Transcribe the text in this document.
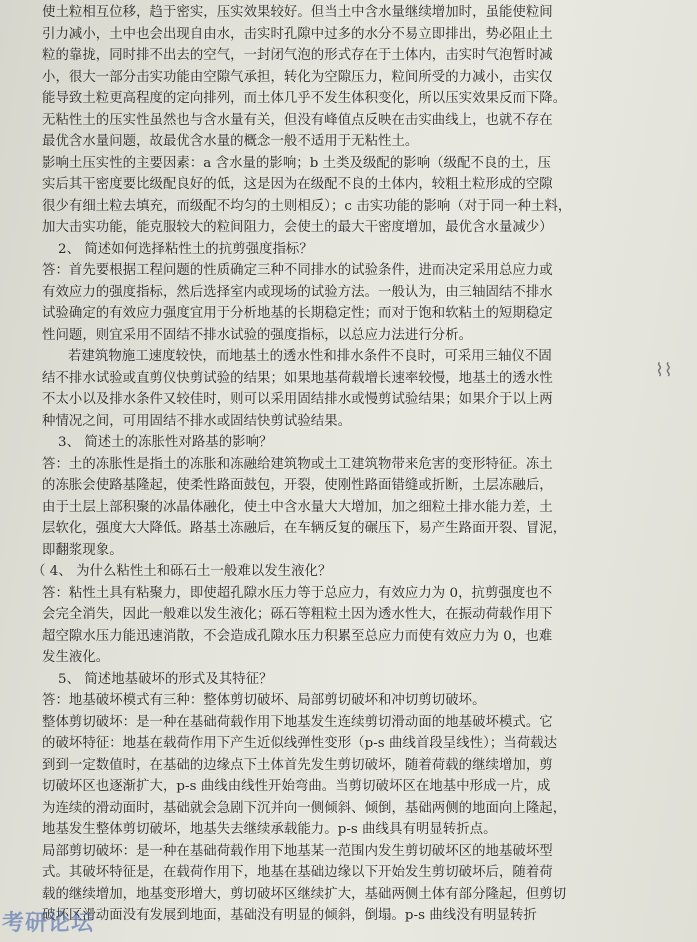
使土粒相互位移，趋于密实，压实效果较好。但当土中含水量继续增加时，虽能使粒间

引力减小，土中也会出现自由水，击实时孔隙中过多的水分不易立即排出，势必阻止土

粒的靠拢，同时排不出去的空气，一封闭气泡的形式存在于土体内，击实时气泡暂时减

小，很大一部分击实功能由空隙气承担，转化为空隙压力，粒间所受的力减小，击实仅

能导致土粒更高程度的定向排列，而土体几乎不发生体积变化，所以压实效果反而下降。

无粘性土的压实性虽然也与含水量有关，但没有峰值点反映在击实曲线上，也就不存在

最优含水量问题，故最优含水量的概念一般不适用于无粘性土。

影响土压实性的主要因素：a 含水量的影响；b 土类及级配的影响（级配不良的土，压

实后其干密度要比级配良好的低，这是因为在级配不良的土体内，较粗土粒形成的空隙

很少有细土粒去填充，而级配不均匀的土则相反）；c 击实功能的影响（对于同一种土料，

加大击实功能，能克服较大的粒间阻力，会使土的最大干密度增加，最优含水量减少）

2、 简述如何选择粘性土的抗剪强度指标？

答：首先要根据工程问题的性质确定三种不同排水的试验条件，进而决定采用总应力或

有效应力的强度指标，然后选择室内或现场的试验方法。一般认为，由三轴固结不排水

试验确定的有效应力强度宜用于分析地基的长期稳定性；而对于饱和软粘土的短期稳定

性问题，则宜采用不固结不排水试验的强度指标，以总应力法进行分析。

若建筑物施工速度较快，而地基土的透水性和排水条件不良时，可采用三轴仪不固

结不排水试验或直剪仪快剪试验的结果；如果地基荷载增长速率较慢，地基土的透水性

不太小以及排水条件又较佳时，则可以采用固结排水或慢剪试验结果；如果介于以上两

种情况之间，可用固结不排水或固结快剪试验结果。

3、 简述土的冻胀性对路基的影响？

答：土的冻胀性是指土的冻胀和冻融给建筑物或土工建筑物带来危害的变形特征。冻土

的冻胀会使路基隆起，使柔性路面鼓包，开裂，使刚性路面错缝或折断，土层冻融后，

由于土层上部积聚的冰晶体融化，使土中含水量大大增加，加之细粒土排水能力差，土

层软化，强度大大降低。路基土冻融后，在车辆反复的碾压下，易产生路面开裂、冒泥，

即翻浆现象。

（ 4、 为什么粘性土和砾石土一般难以发生液化？

答：粘性土具有粘聚力，即使超孔隙水压力等于总应力，有效应力为 0，抗剪强度也不

会完全消失，因此一般难以发生液化；砾石等粗粒土因为透水性大，在振动荷载作用下

超空隙水压力能迅速消散，不会造成孔隙水压力积累至总应力而使有效应力为 0，也难

发生液化。

5、 简述地基破坏的形式及其特征？

答：地基破坏模式有三种：整体剪切破坏、局部剪切破坏和冲切剪切破坏。

整体剪切破坏：是一种在基础荷载作用下地基发生连续剪切滑动面的地基破坏模式。它

的破坏特征：地基在载荷作用下产生近似线弹性变形（p-s 曲线首段呈线性）；当荷载达

到到一定数值时，在基础的边缘点下土体首先发生剪切破坏，随着荷载的继续增加，剪

切破坏区也逐渐扩大，p-s 曲线由线性开始弯曲。当剪切破坏区在地基中形成一片，成

为连续的滑动面时，基础就会急剧下沉并向一侧倾斜、倾倒，基础两侧的地面向上隆起，

地基发生整体剪切破坏，地基失去继续承载能力。p-s 曲线具有明显转折点。

局部剪切破坏：是一种在基础荷载作用下地基某一范围内发生剪切破坏区的地基破坏型

式。其破坏特征是，在载荷作用下，地基在基础边缘以下开始发生剪切破坏后，随着荷

载的继续增加，地基变形增大，剪切破坏区继续扩大，基础两侧土体有部分隆起，但剪切

破坏区滑动面没有发展到地面，基础没有明显的倾斜，倒塌。p-s 曲线没有明显转折

⌇⌇
考研论坛
